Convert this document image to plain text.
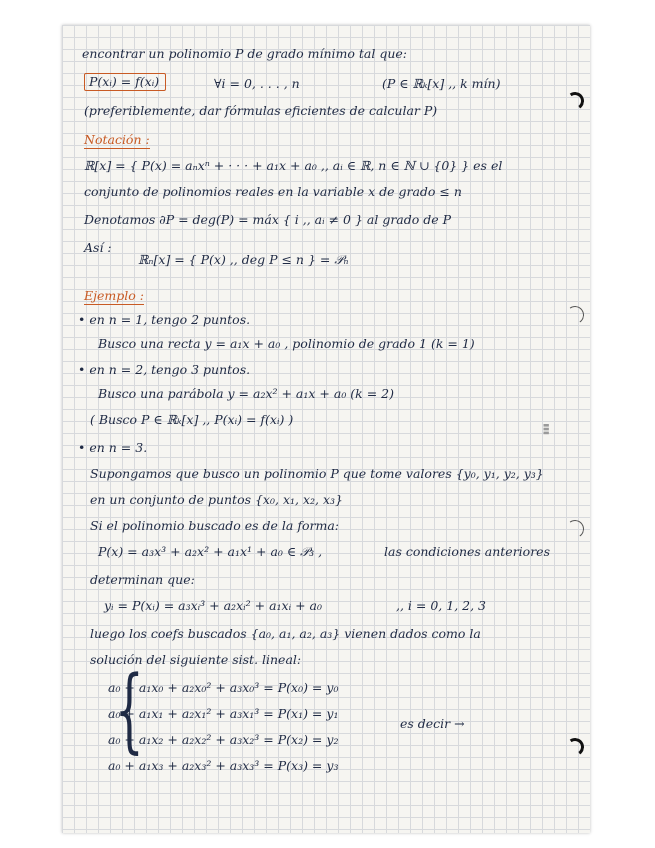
▮▮▮
encontrar un polinomio P de grado mínimo tal que:
P(xᵢ) = f(xᵢ)	∀i = 0, . . . , n	(P ∈ ℝₖ[x] ,, k mín)
(preferiblemente, dar fórmulas eficientes de calcular P)
Notación :
ℝ[x] = { P(x) = aₙxⁿ + · · · + a₁x + a₀ ,, aᵢ ∈ ℝ, n ∈ ℕ ∪ {0} } es el
conjunto de polinomios reales en la variable x de grado ≤ n
Denotamos ∂P = deg(P) = máx { i ,, aᵢ ≠ 0 } al grado de P
Así :
ℝₙ[x] = { P(x) ,, deg P ≤ n } = 𝒫ₙ
Ejemplo :
• en n = 1, tengo 2 puntos.
Busco una recta y = a₁x + a₀ , polinomio de grado 1 (k = 1)
• en n = 2, tengo 3 puntos.
Busco una parábola y = a₂x² + a₁x + a₀ (k = 2)
( Busco P ∈ ℝₖ[x] ,, P(xᵢ) = f(xᵢ) )
• en n = 3.
Supongamos que busco un polinomio P que tome valores {y₀, y₁, y₂, y₃}
en un conjunto de puntos {x₀, x₁, x₂, x₃}
Si el polinomio buscado es de la forma:
P(x) = a₃x³ + a₂x² + a₁x¹ + a₀ ∈ 𝒫₃ ,	las condiciones anteriores
determinan que:
yᵢ = P(xᵢ) = a₃xᵢ³ + a₂xᵢ² + a₁xᵢ + a₀	,, i = 0, 1, 2, 3
luego los coefs buscados {a₀, a₁, a₂, a₃} vienen dados como la
solución del siguiente sist. lineal:
{
a₀ + a₁x₀ + a₂x₀² + a₃x₀³ = P(x₀) = y₀
a₀ + a₁x₁ + a₂x₁² + a₃x₁³ = P(x₁) = y₁
a₀ + a₁x₂ + a₂x₂² + a₃x₂³ = P(x₂) = y₂
a₀ + a₁x₃ + a₂x₃² + a₃x₃³ = P(x₃) = y₃
es decir →
